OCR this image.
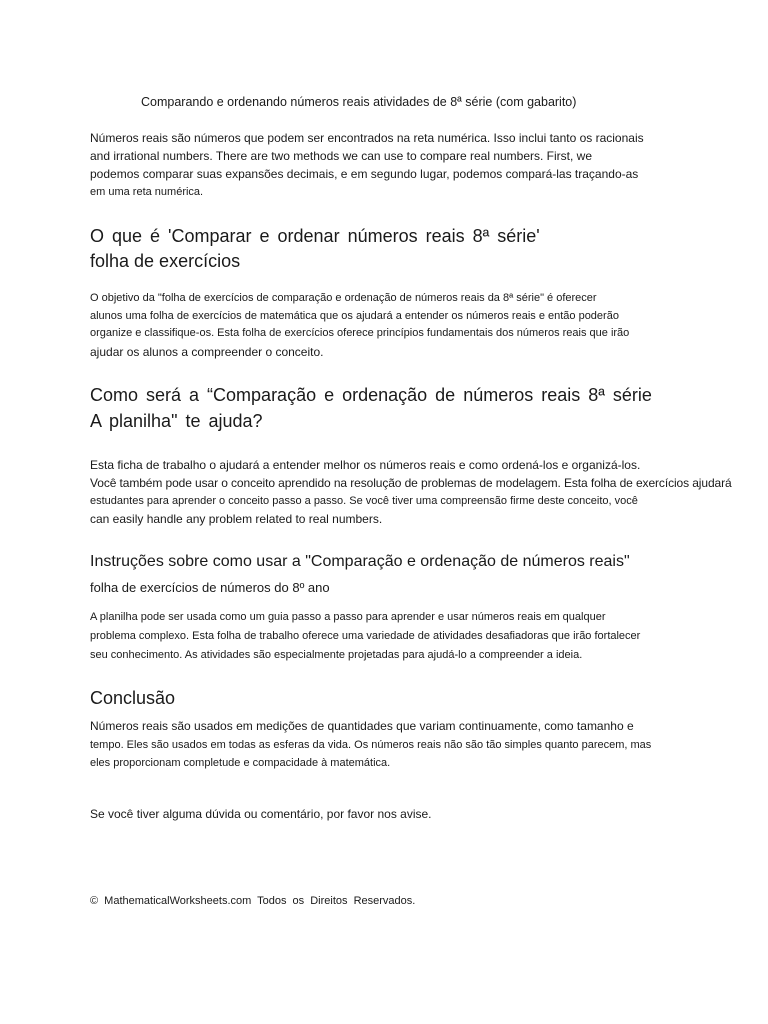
Comparando e ordenando números reais atividades de 8ª série (com gabarito)

Números reais são números que podem ser encontrados na reta numérica. Isso inclui tanto os racionais

and irrational numbers. There are two methods we can use to compare real numbers. First, we

podemos comparar suas expansões decimais, e em segundo lugar, podemos compará-las traçando-as

em uma reta numérica.

O que é 'Comparar e ordenar números reais 8ª série'
folha de exercícios

O objetivo da "folha de exercícios de comparação e ordenação de números reais da 8ª série" é oferecer

alunos uma folha de exercícios de matemática que os ajudará a entender os números reais e então poderão

organize e classifique-os. Esta folha de exercícios oferece princípios fundamentais dos números reais que irão

ajudar os alunos a compreender o conceito.

Como será a “Comparação e ordenação de números reais 8ª série
A planilha" te ajuda?

Esta ficha de trabalho o ajudará a entender melhor os números reais e como ordená-los e organizá-los.

Você também pode usar o conceito aprendido na resolução de problemas de modelagem. Esta folha de exercícios ajudará

estudantes para aprender o conceito passo a passo. Se você tiver uma compreensão firme deste conceito, você

can easily handle any problem related to real numbers.

Instruções sobre como usar a "Comparação e ordenação de números reais"
folha de exercícios de números do 8º ano

A planilha pode ser usada como um guia passo a passo para aprender e usar números reais em qualquer

problema complexo. Esta folha de trabalho oferece uma variedade de atividades desafiadoras que irão fortalecer

seu conhecimento. As atividades são especialmente projetadas para ajudá-lo a compreender a ideia.

Conclusão

Números reais são usados em medições de quantidades que variam continuamente, como tamanho e

tempo. Eles são usados em todas as esferas da vida. Os números reais não são tão simples quanto parecem, mas

eles proporcionam completude e compacidade à matemática.

Se você tiver alguma dúvida ou comentário, por favor nos avise.

© MathematicalWorksheets.com Todos os Direitos Reservados.
